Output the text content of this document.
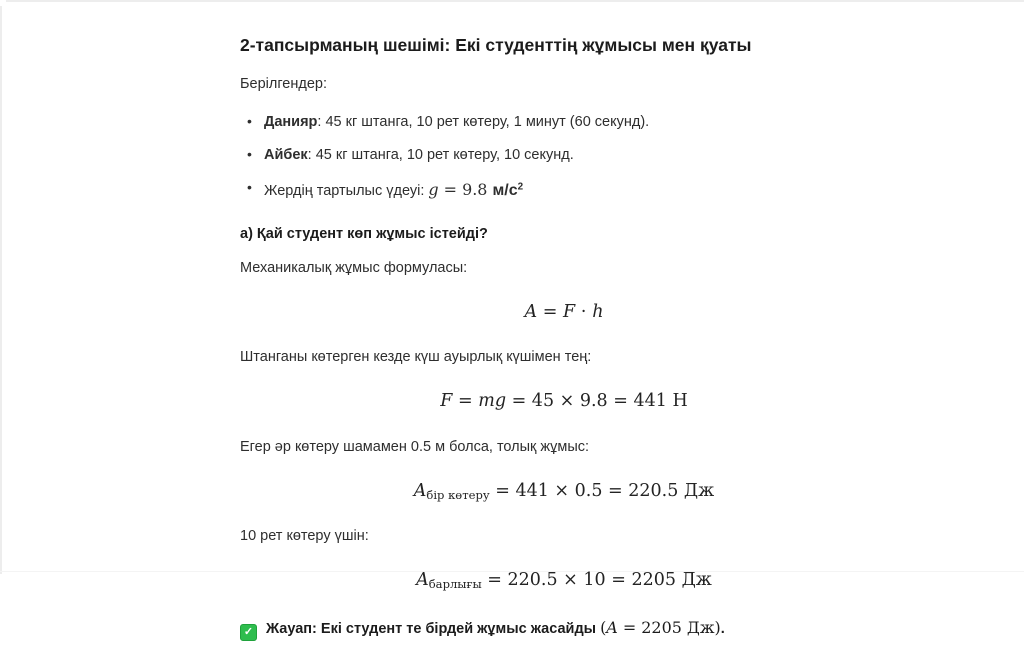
2-тапсырманың шешімі: Екі студенттің жұмысы мен қуаты

Берілгендер:

• Данияр: 45 кг штанга, 10 рет көтеру, 1 минут (60 секунд).
• Айбек: 45 кг штанга, 10 рет көтеру, 10 секунд.
• Жердің тартылыс үдеуі: g = 9.8 $м/с^2$

а) Қай студент көп жұмыс істейді?

Механикалық жұмыс формуласы:

A = F ⋅ h

Штанганы көтерген кезде күш ауырлық күшімен тең:

F = mg = 45 × 9.8 = 441 Н

Егер әр көтеру шамамен 0.5 м болса, толық жұмыс:

Aбір көтеру = 441 × 0.5 = 220.5 Дж

10 рет көтеру үшін:

Aбарлығы = 220.5 × 10 = 2205 Дж

✓ Жауап: Екі студент те бірдей жұмыс жасайды (A = 2205 Дж).
